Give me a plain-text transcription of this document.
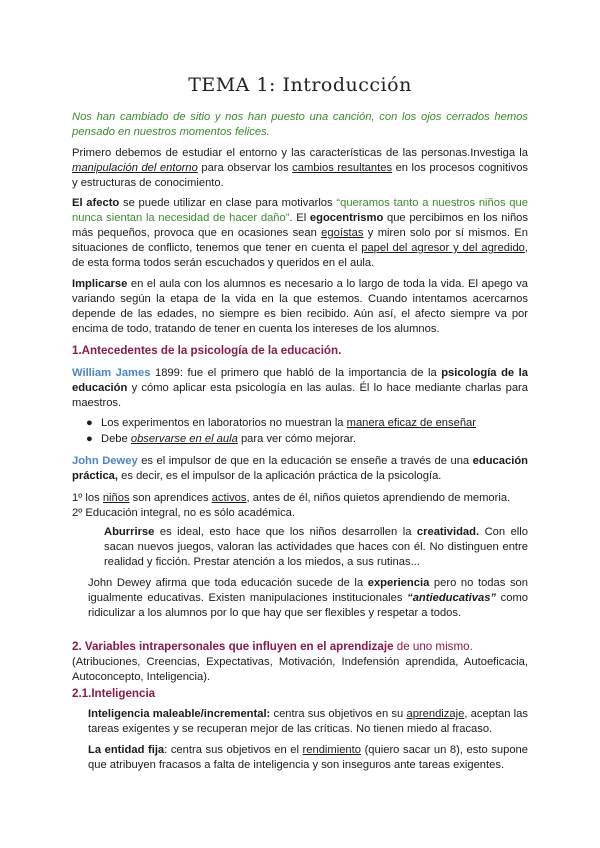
TEMA 1: Introducción
Nos han cambiado de sitio y nos han puesto una canción, con los ojos cerrados hemos pensado en nuestros momentos felices.
Primero debemos de estudiar el entorno y las características de las personas.Investiga la manipulación del entorno para observar los cambios resultantes en los procesos cognitivos y estructuras de conocimiento.
El afecto se puede utilizar en clase para motivarlos “queramos tanto a nuestros niños que nunca sientan la necesidad de hacer daño”. El egocentrismo que percibimos en los niños más pequeños, provoca que en ocasiones sean egoístas y miren solo por sí mismos. En situaciones de conflicto, tenemos que tener en cuenta el papel del agresor y del agredido, de esta forma todos serán escuchados y queridos en el aula.
Implicarse en el aula con los alumnos es necesario a lo largo de toda la vida. El apego va variando según la etapa de la vida en la que estemos. Cuando intentamos acercarnos depende de las edades, no siempre es bien recibido. Aún así, el afecto siempre va por encima de todo, tratando de tener en cuenta los intereses de los alumnos.
1.Antecedentes de la psicología de la educación.
William James 1899: fue el primero que habló de la importancia de la psicología de la educación y cómo aplicar esta psicología en las aulas. Él lo hace mediante charlas para maestros.
● Los experimentos en laboratorios no muestran la manera eficaz de enseñar
● Debe observarse en el aula para ver cómo mejorar.
John Dewey es el impulsor de que en la educación se enseñe a través de una educación práctica, es decir, es el impulsor de la aplicación práctica de la psicología.
1º los niños son aprendices activos, antes de él, niños quietos aprendiendo de memoria.
2º Educación integral, no es sólo académica.
Aburrirse es ideal, esto hace que los niños desarrollen la creatividad. Con ello sacan nuevos juegos, valoran las actividades que haces con él. No distinguen entre realidad y ficción. Prestar atención a los miedos, a sus rutinas...
John Dewey afirma que toda educación sucede de la experiencia pero no todas son igualmente educativas. Existen manipulaciones institucionales “antieducativas” como ridiculizar a los alumnos por lo que hay que ser flexibles y respetar a todos.
2. Variables intrapersonales que influyen en el aprendizaje de uno mismo.
(Atribuciones, Creencias, Expectativas, Motivación, Indefensión aprendida, Autoeficacia, Autoconcepto, Inteligencia).
2.1.Inteligencia
Inteligencia maleable/incremental: centra sus objetivos en su aprendizaje, aceptan las tareas exigentes y se recuperan mejor de las críticas. No tienen miedo al fracaso.
La entidad fija: centra sus objetivos en el rendimiento (quiero sacar un 8), esto supone que atribuyen fracasos a falta de inteligencia y son inseguros ante tareas exigentes.
